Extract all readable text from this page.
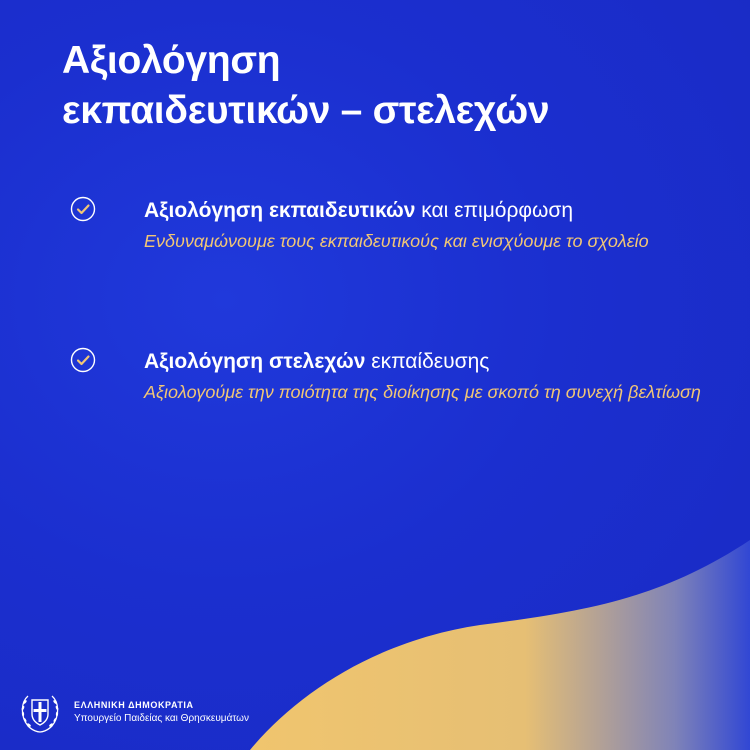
Αξιολόγηση
εκπαιδευτικών – στελεχών
Αξιολόγηση εκπαιδευτικών και επιμόρφωση
Ενδυναμώνουμε τους εκπαιδευτικούς και ενισχύουμε το σχολείο
Αξιολόγηση στελεχών εκπαίδευσης
Αξιολογούμε την ποιότητα της διοίκησης με σκοπό τη συνεχή βελτίωση
ΕΛΛΗΝΙΚΗ ΔΗΜΟΚΡΑΤΙΑ
Υπουργείο Παιδείας και Θρησκευμάτων
